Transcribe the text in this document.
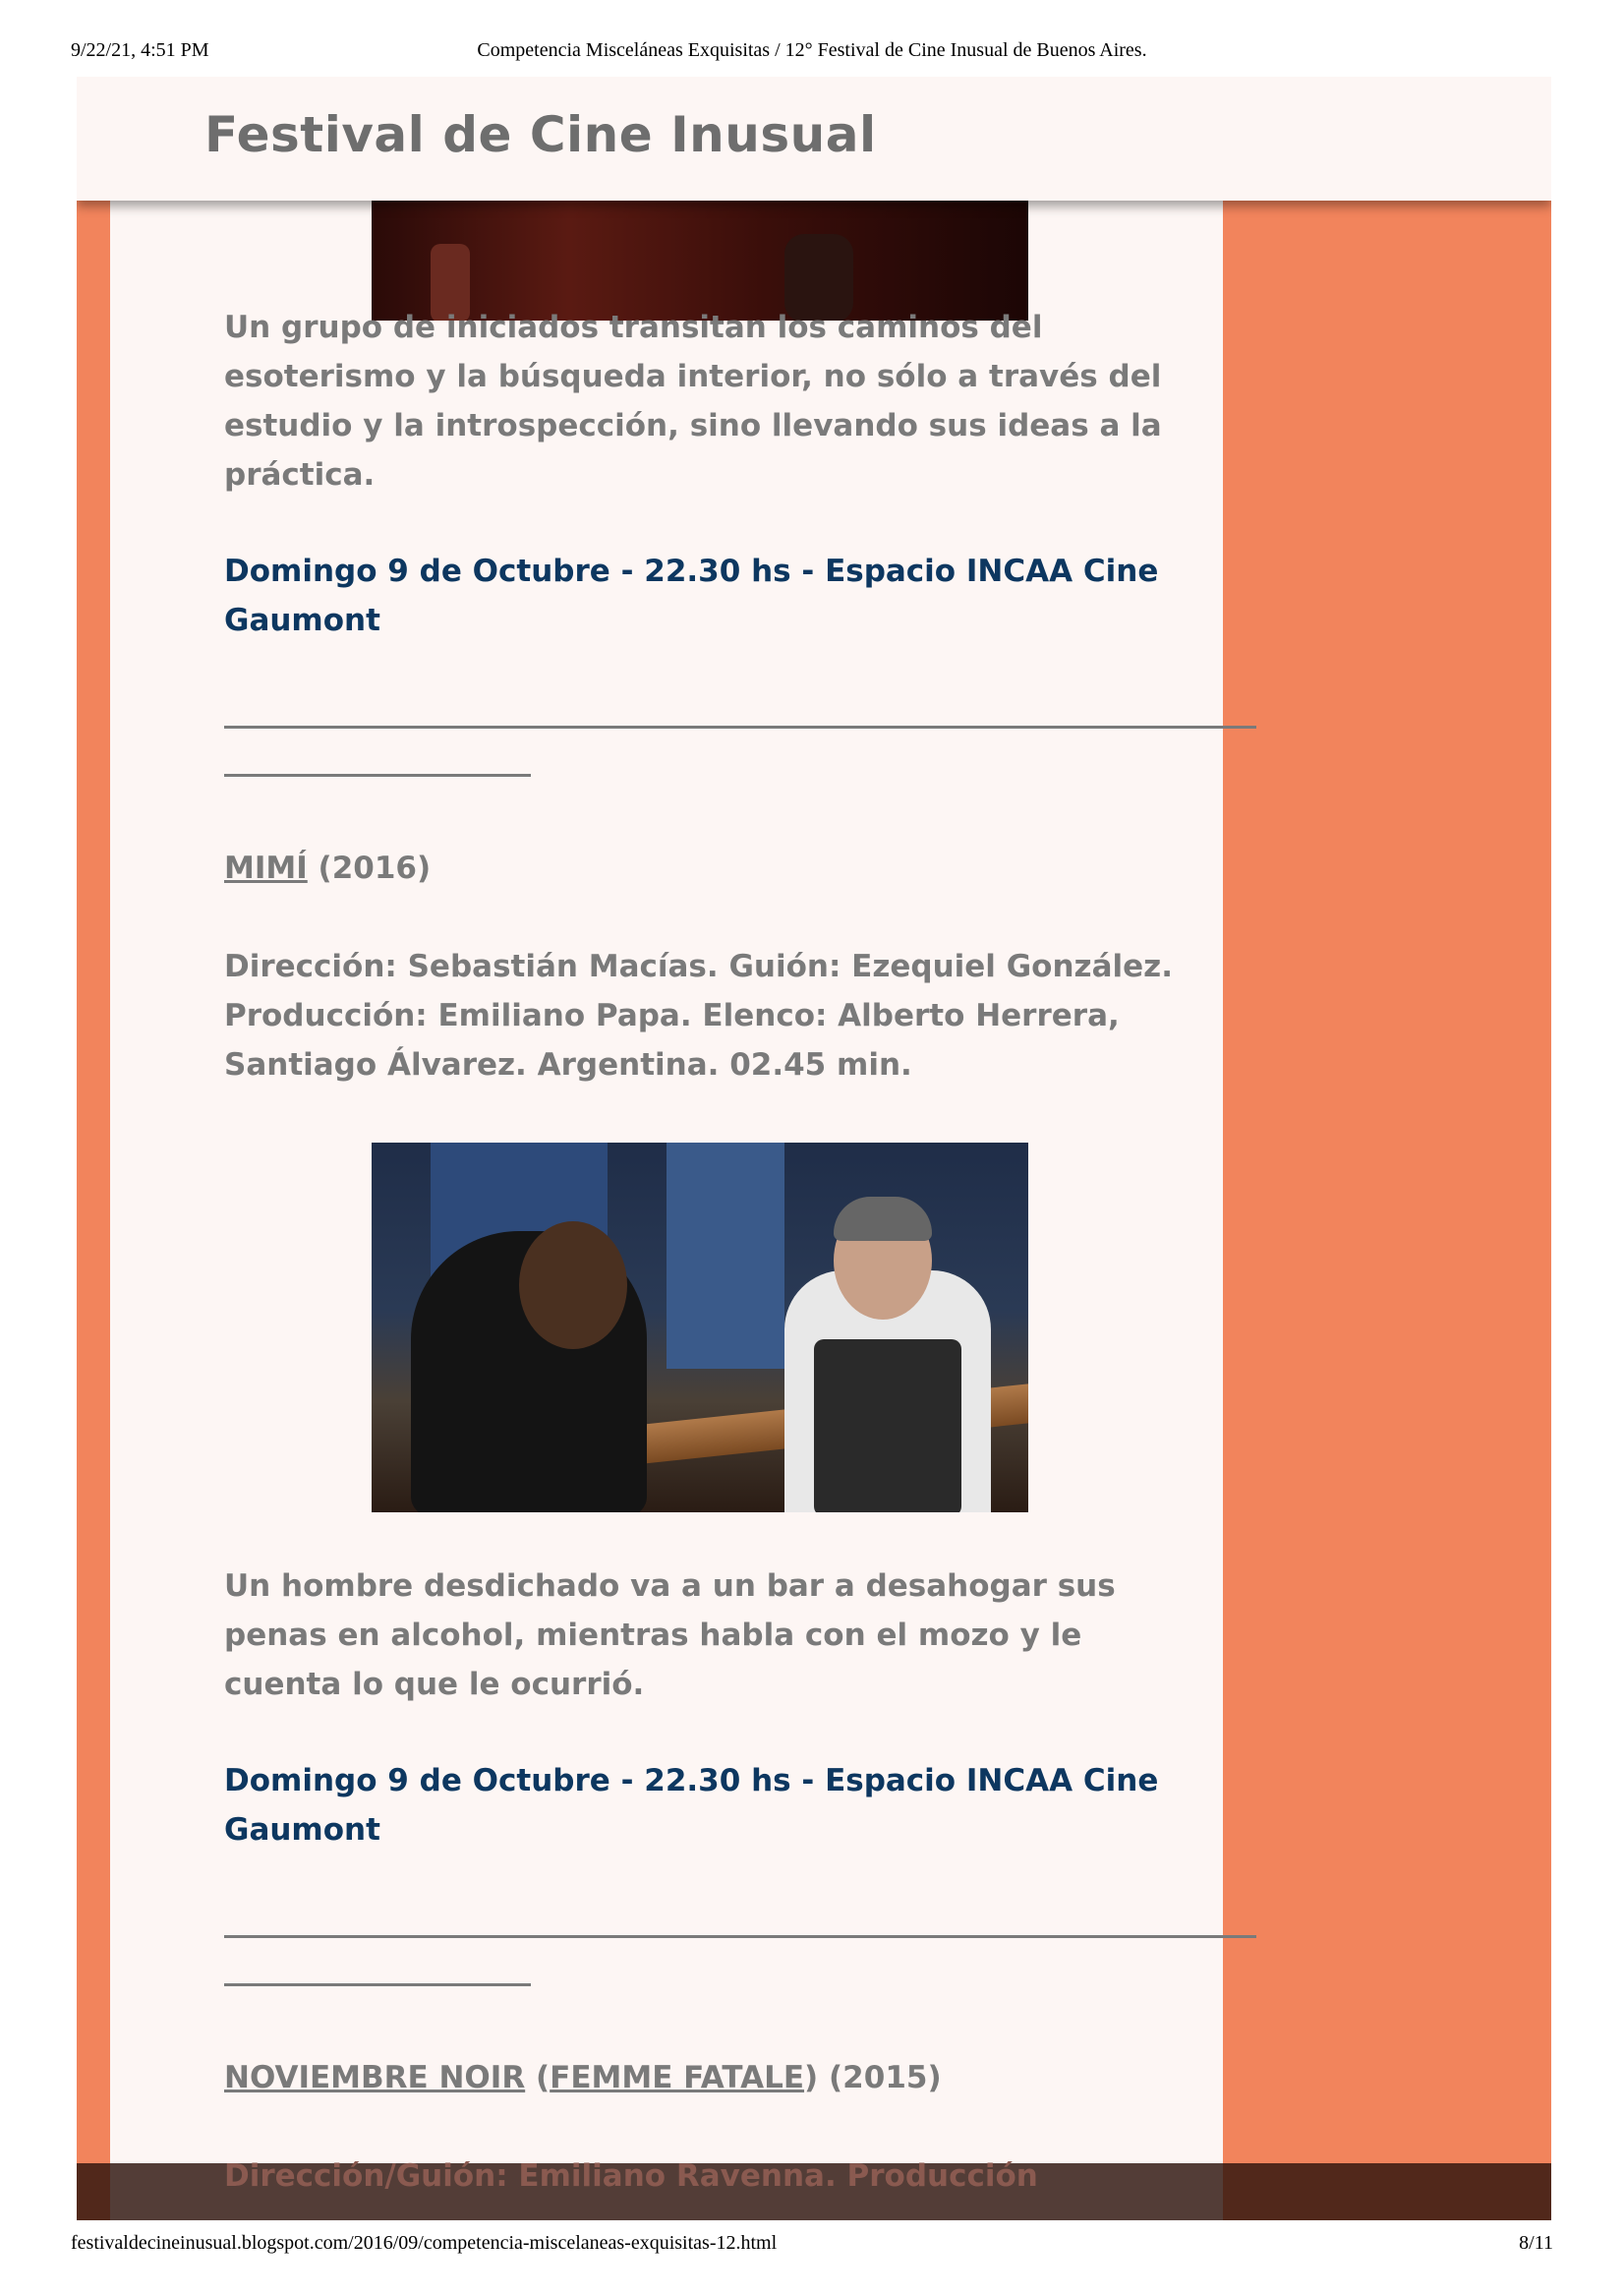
9/22/21, 4:51 PM	Competencia Misceláneas Exquisitas / 12° Festival de Cine Inusual de Buenos Aires.
Un grupo de iniciados transitan los caminos del esoterismo y la búsqueda interior, no sólo a través del estudio y la introspección, sino llevando sus ideas a la práctica.
Domingo 9 de Octubre - 22.30 hs - Espacio INCAA Cine Gaumont
MIMÍ (2016)
Dirección: Sebastián Macías. Guión: Ezequiel González. Producción: Emiliano Papa. Elenco: Alberto Herrera, Santiago Álvarez. Argentina. 02.45 min.
Un hombre desdichado va a un bar a desahogar sus penas en alcohol, mientras habla con el mozo y le cuenta lo que le ocurrió.
Domingo 9 de Octubre - 22.30 hs - Espacio INCAA Cine Gaumont
NOVIEMBRE NOIR (FEMME FATALE) (2015)
Dirección/Guión: Emiliano Ravenna. Producción
Festival de Cine Inusual
festivaldecineinusual.blogspot.com/2016/09/competencia-miscelaneas-exquisitas-12.html	8/11
